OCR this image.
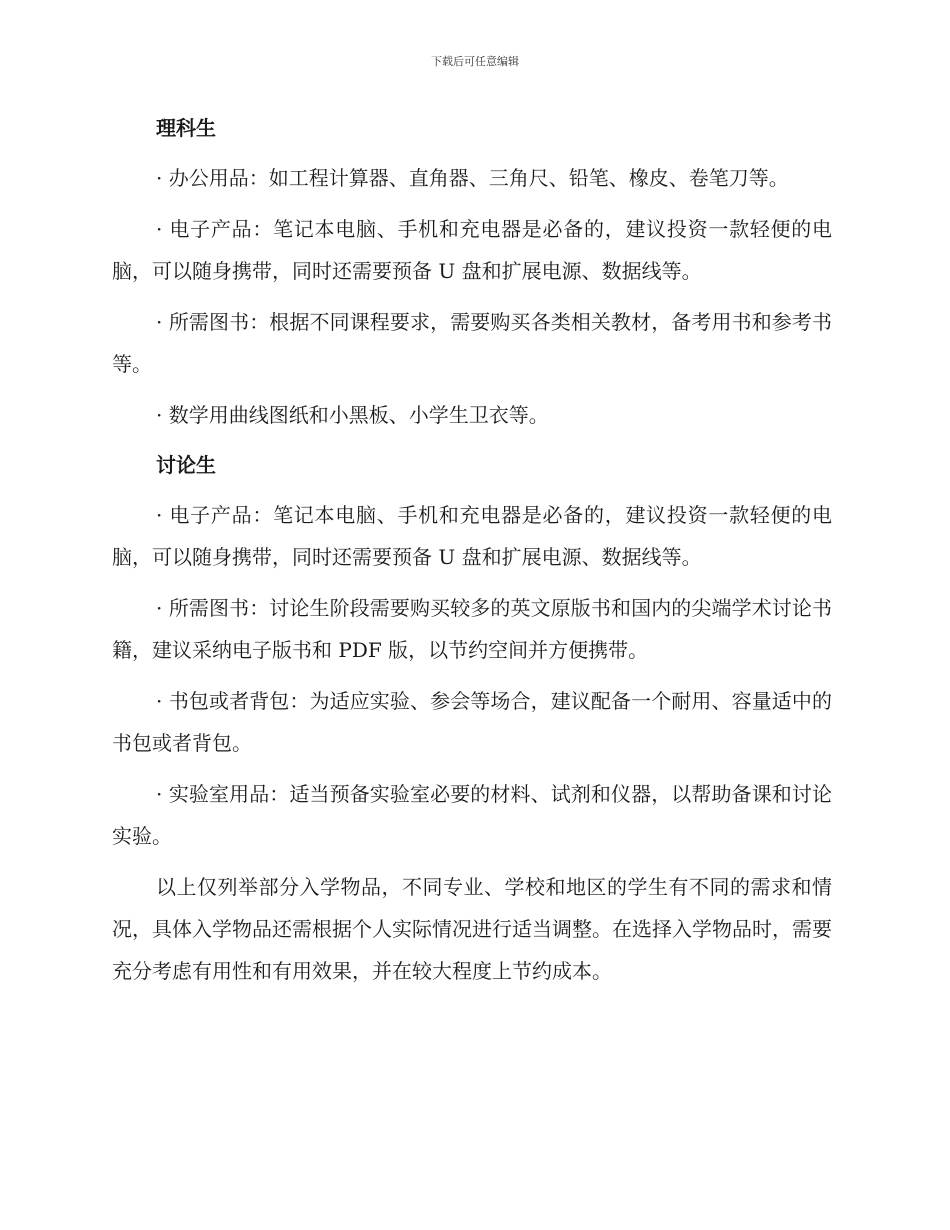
下载后可任意编辑
理科生
· 办公用品：如工程计算器、直角器、三角尺、铅笔、橡皮、卷笔刀等。
· 电子产品：笔记本电脑、手机和充电器是必备的，建议投资一款轻便的电脑，可以随身携带，同时还需要预备 U 盘和扩展电源、数据线等。
· 所需图书：根据不同课程要求，需要购买各类相关教材，备考用书和参考书等。
· 数学用曲线图纸和小黑板、小学生卫衣等。
讨论生
· 电子产品：笔记本电脑、手机和充电器是必备的，建议投资一款轻便的电脑，可以随身携带，同时还需要预备 U 盘和扩展电源、数据线等。
· 所需图书：讨论生阶段需要购买较多的英文原版书和国内的尖端学术讨论书籍，建议采纳电子版书和 PDF 版，以节约空间并方便携带。
· 书包或者背包：为适应实验、参会等场合，建议配备一个耐用、容量适中的书包或者背包。
· 实验室用品：适当预备实验室必要的材料、试剂和仪器，以帮助备课和讨论实验。
以上仅列举部分入学物品，不同专业、学校和地区的学生有不同的需求和情况，具体入学物品还需根据个人实际情况进行适当调整。在选择入学物品时，需要充分考虑有用性和有用效果，并在较大程度上节约成本。
